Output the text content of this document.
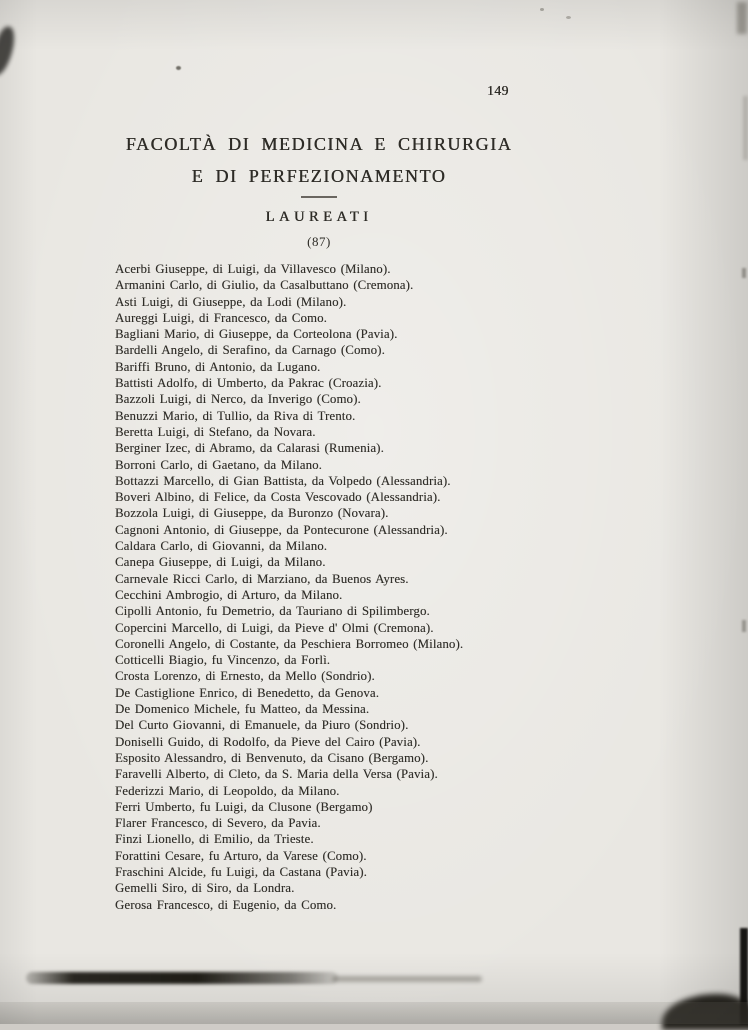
149
FACOLTÀ DI MEDICINA E CHIRURGIA
E DI PERFEZIONAMENTO
LAUREATI
(87)
Acerbi Giuseppe, di Luigi, da Villavesco (Milano).
Armanini Carlo, di Giulio, da Casalbuttano (Cremona).
Asti Luigi, di Giuseppe, da Lodi (Milano).
Aureggi Luigi, di Francesco, da Como.
Bagliani Mario, di Giuseppe, da Corteolona (Pavia).
Bardelli Angelo, di Serafino, da Carnago (Como).
Bariffi Bruno, di Antonio, da Lugano.
Battisti Adolfo, di Umberto, da Pakrac (Croazia).
Bazzoli Luigi, di Nerco, da Inverigo (Como).
Benuzzi Mario, di Tullio, da Riva di Trento.
Beretta Luigi, di Stefano, da Novara.
Berginer Izec, di Abramo, da Calarasi (Rumenia).
Borroni Carlo, di Gaetano, da Milano.
Bottazzi Marcello, di Gian Battista, da Volpedo (Alessandria).
Boveri Albino, di Felice, da Costa Vescovado (Alessandria).
Bozzola Luigi, di Giuseppe, da Buronzo (Novara).
Cagnoni Antonio, di Giuseppe, da Pontecurone (Alessandria).
Caldara Carlo, di Giovanni, da Milano.
Canepa Giuseppe, di Luigi, da Milano.
Carnevale Ricci Carlo, di Marziano, da Buenos Ayres.
Cecchini Ambrogio, di Arturo, da Milano.
Cipolli Antonio, fu Demetrio, da Tauriano di Spilimbergo.
Copercini Marcello, di Luigi, da Pieve d' Olmi (Cremona).
Coronelli Angelo, di Costante, da Peschiera Borromeo (Milano).
Cotticelli Biagio, fu Vincenzo, da Forlì.
Crosta Lorenzo, di Ernesto, da Mello (Sondrio).
De Castiglione Enrico, di Benedetto, da Genova.
De Domenico Michele, fu Matteo, da Messina.
Del Curto Giovanni, di Emanuele, da Piuro (Sondrio).
Doniselli Guido, di Rodolfo, da Pieve del Cairo (Pavia).
Esposito Alessandro, di Benvenuto, da Cisano (Bergamo).
Faravelli Alberto, di Cleto, da S. Maria della Versa (Pavia).
Federizzi Mario, di Leopoldo, da Milano.
Ferri Umberto, fu Luigi, da Clusone (Bergamo)
Flarer Francesco, di Severo, da Pavia.
Finzi Lionello, di Emilio, da Trieste.
Forattini Cesare, fu Arturo, da Varese (Como).
Fraschini Alcide, fu Luigi, da Castana (Pavia).
Gemelli Siro, di Siro, da Londra.
Gerosa Francesco, di Eugenio, da Como.
